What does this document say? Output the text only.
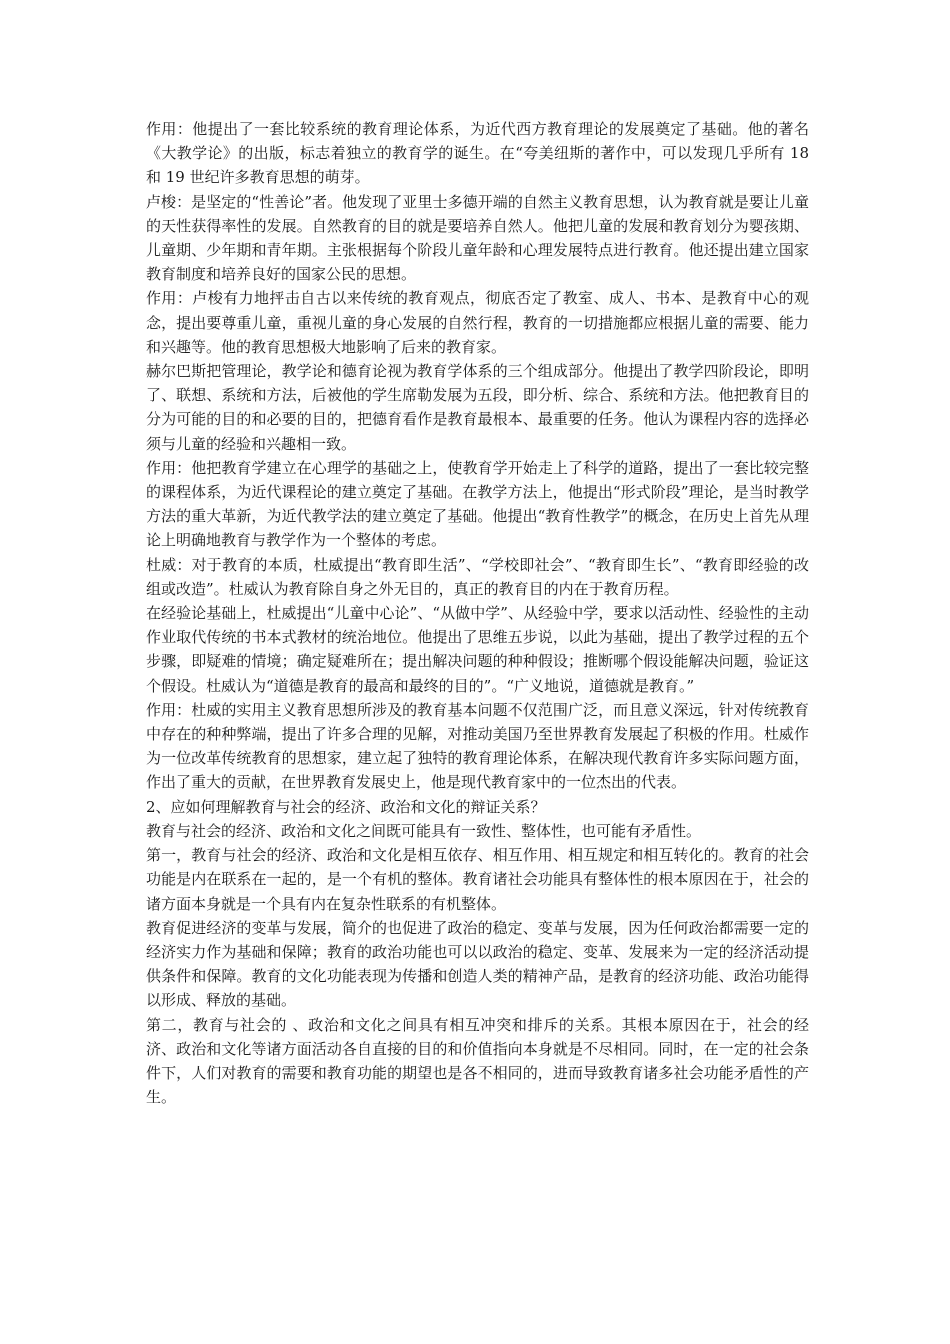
作用：他提出了一套比较系统的教育理论体系，为近代西方教育理论的发展奠定了基础。他的著名《大教学论》的出版，标志着独立的教育学的诞生。在“夸美纽斯的著作中，可以发现几乎所有 18 和 19 世纪许多教育思想的萌芽。

卢梭：是坚定的“性善论”者。他发现了亚里士多德开端的自然主义教育思想，认为教育就是要让儿童的天性获得率性的发展。自然教育的目的就是要培养自然人。他把儿童的发展和教育划分为婴孩期、儿童期、少年期和青年期。主张根据每个阶段儿童年龄和心理发展特点进行教育。他还提出建立国家教育制度和培养良好的国家公民的思想。

作用：卢梭有力地抨击自古以来传统的教育观点，彻底否定了教室、成人、书本、是教育中心的观念，提出要尊重儿童，重视儿童的身心发展的自然行程，教育的一切措施都应根据儿童的需要、能力和兴趣等。他的教育思想极大地影响了后来的教育家。

赫尔巴斯把管理论，教学论和德育论视为教育学体系的三个组成部分。他提出了教学四阶段论，即明了、联想、系统和方法，后被他的学生席勒发展为五段，即分析、综合、系统和方法。他把教育目的分为可能的目的和必要的目的，把德育看作是教育最根本、最重要的任务。他认为课程内容的选择必须与儿童的经验和兴趣相一致。

作用：他把教育学建立在心理学的基础之上，使教育学开始走上了科学的道路，提出了一套比较完整的课程体系，为近代课程论的建立奠定了基础。在教学方法上，他提出“形式阶段”理论，是当时教学方法的重大革新，为近代教学法的建立奠定了基础。他提出“教育性教学”的概念，在历史上首先从理论上明确地教育与教学作为一个整体的考虑。

杜威：对于教育的本质，杜威提出“教育即生活”、“学校即社会”、“教育即生长”、“教育即经验的改组或改造”。杜威认为教育除自身之外无目的，真正的教育目的内在于教育历程。

在经验论基础上，杜威提出“儿童中心论”、“从做中学”、从经验中学，要求以活动性、经验性的主动作业取代传统的书本式教材的统治地位。他提出了思维五步说，以此为基础，提出了教学过程的五个步骤，即疑难的情境；确定疑难所在；提出解决问题的种种假设；推断哪个假设能解决问题，验证这个假设。杜威认为“道德是教育的最高和最终的目的”。“广义地说，道德就是教育。”

作用：杜威的实用主义教育思想所涉及的教育基本问题不仅范围广泛，而且意义深远，针对传统教育中存在的种种弊端，提出了许多合理的见解，对推动美国乃至世界教育发展起了积极的作用。杜威作为一位改革传统教育的思想家，建立起了独特的教育理论体系，在解决现代教育许多实际问题方面，作出了重大的贡献，在世界教育发展史上，他是现代教育家中的一位杰出的代表。

2、应如何理解教育与社会的经济、政治和文化的辩证关系？

教育与社会的经济、政治和文化之间既可能具有一致性、整体性，也可能有矛盾性。

第一，教育与社会的经济、政治和文化是相互依存、相互作用、相互规定和相互转化的。教育的社会功能是内在联系在一起的，是一个有机的整体。教育诸社会功能具有整体性的根本原因在于，社会的诸方面本身就是一个具有内在复杂性联系的有机整体。

教育促进经济的变革与发展，简介的也促进了政治的稳定、变革与发展，因为任何政治都需要一定的经济实力作为基础和保障；教育的政治功能也可以以政治的稳定、变革、发展来为一定的经济活动提供条件和保障。教育的文化功能表现为传播和创造人类的精神产品，是教育的经济功能、政治功能得以形成、释放的基础。

第二，教育与社会的 、政治和文化之间具有相互冲突和排斥的关系。其根本原因在于，社会的经济、政治和文化等诸方面活动各自直接的目的和价值指向本身就是不尽相同。同时，在一定的社会条件下，人们对教育的需要和教育功能的期望也是各不相同的，进而导致教育诸多社会功能矛盾性的产生。
